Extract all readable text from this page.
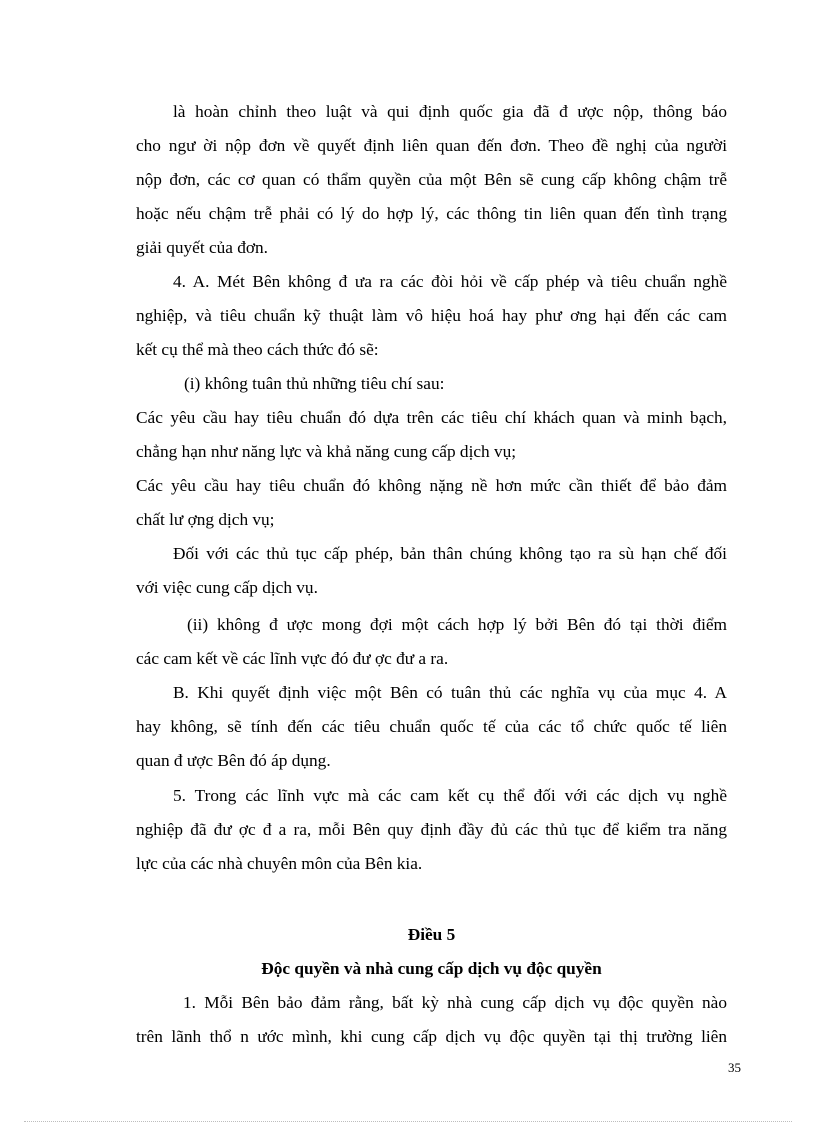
là hoàn chỉnh theo luật và qui định quốc gia đã đ ược nộp, thông báo
cho ngư ời nộp đơn về quyết định liên quan đến đơn. Theo đề nghị của người
nộp đơn, các cơ quan có thẩm quyền của một Bên sẽ cung cấp không chậm trễ
hoặc nếu chậm trễ phải có lý do hợp lý, các thông tin liên quan đến tình trạng
giải quyết của đơn.
4. A. Mét Bên không đ ưa ra các đòi hỏi về cấp phép và tiêu chuẩn nghề
nghiệp, và tiêu chuẩn kỹ thuật làm vô hiệu hoá hay phư ơng hại đến các cam
kết cụ thể mà theo cách thức đó sẽ:
(i) không tuân thủ những tiêu chí sau:
Các yêu cầu hay tiêu chuẩn đó dựa trên các tiêu chí khách quan và minh bạch,
chẳng hạn như năng lực và khả năng cung cấp dịch vụ;
Các yêu cầu hay tiêu chuẩn đó không nặng nề hơn mức cần thiết để bảo đảm
chất lư ợng dịch vụ;
Đối với các thủ tục cấp phép, bản thân chúng không tạo ra sù hạn chế đối
với việc cung cấp dịch vụ.
(ii) không đ ược mong đợi một cách hợp lý bởi Bên đó tại thời điểm
các cam kết về các lĩnh vực đó đư ợc đư a ra.
B. Khi quyết định việc một Bên có tuân thủ các nghĩa vụ của mục 4. A
hay không, sẽ tính đến các tiêu chuẩn quốc tế của các tổ chức quốc tế liên
quan đ ược Bên đó áp dụng.
5. Trong các lĩnh vực mà các cam kết cụ thể đối với các dịch vụ nghề
nghiệp đã đư ợc đ a ra, mỗi Bên quy định đầy đủ các thủ tục để kiểm tra năng
lực của các nhà chuyên môn của Bên kia.
Điều 5
Độc quyền và nhà cung cấp dịch vụ độc quyền
1. Mỗi Bên bảo đảm rằng, bất kỳ nhà cung cấp dịch vụ độc quyền nào
trên lãnh thổ n ước mình, khi cung cấp dịch vụ độc quyền tại thị trường liên
35
